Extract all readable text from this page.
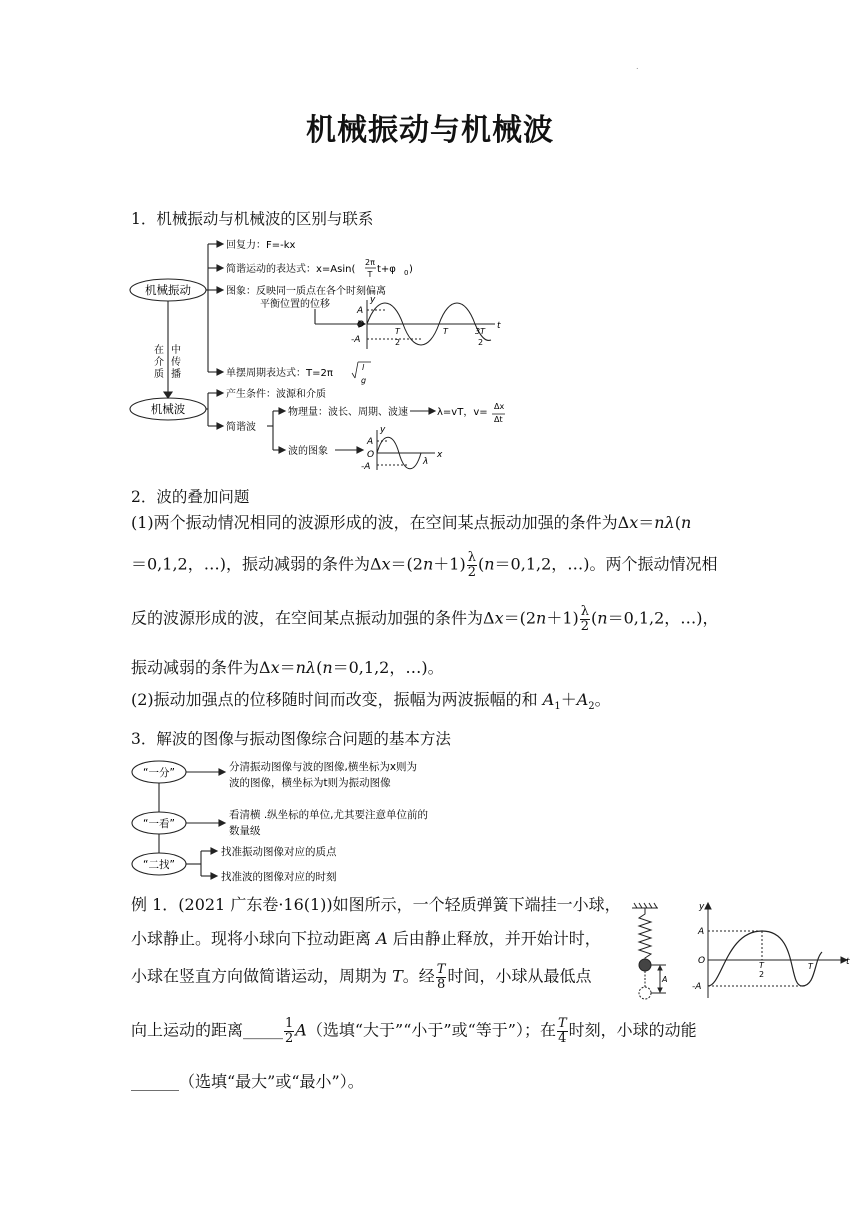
.
机械振动与机械波
1．机械振动与机械波的区别与联系
机械振动
机械波
在
介
质
中
传
播
回复力：F=-kx
简谐运动的表达式：x=Asin(
2π
T t+φ 0 )
图象：反映同一质点在各个时刻偏离
平衡位置的位移
单摆周期表达式：T=2π
l
g
产生条件：波源和介质
简谐波
物理量：波长、周期、波速	λ=vT，v=
Δx
Δt
波的图象
y
A
O
-A
T
2
T	3T
2
t
y
A
O
-A	λ
x
2．波的叠加问题
(1)两个振动情况相同的波源形成的波，在空间某点振动加强的条件为Δx＝nλ(n
＝0,1,2，…)，振动减弱的条件为$\Delta x=(2n+1) \frac{\lambda}{2} (n=0,1,2$，…)。两个振动情况相
反的波源形成的波，在空间某点振动加强的条件为$\Delta x=(2n+1) \frac{\lambda}{2} (n=0,1,2$，…)，
振动减弱的条件为Δx＝nλ(n＝0,1,2，…)。
(2)振动加强点的位移随时间而改变，振幅为两波振幅的和 $A_1+A_2$。
3．解波的图像与振动图像综合问题的基本方法
“一分”
“一看”
“二找”
分清振动图像与波的图像,横坐标为x则为
波的图像，横坐标为t则为振动图像
看清横 .纵坐标的单位,尤其要注意单位前的
数量级
找准振动图像对应的质点
找准波的图像对应的时刻
例 1．(2021 广东卷·16(1))如图所示，一个轻质弹簧下端挂一小球，
小球静止。现将小球向下拉动距离 A 后由静止释放，并开始计时，
小球在竖直方向做简谐运动，周期为 T。经 $\frac{T}{8}$ 时间，小球从最低点
向上运动的距离_____ $\frac{1}{2} A$（选填“大于”“小于”或“等于”）；在 $\frac{T}{4}$ 时刻，小球的动能
______（选填“最大”或“最小”）。
y
A
O
-A
T
2
T	t
A
